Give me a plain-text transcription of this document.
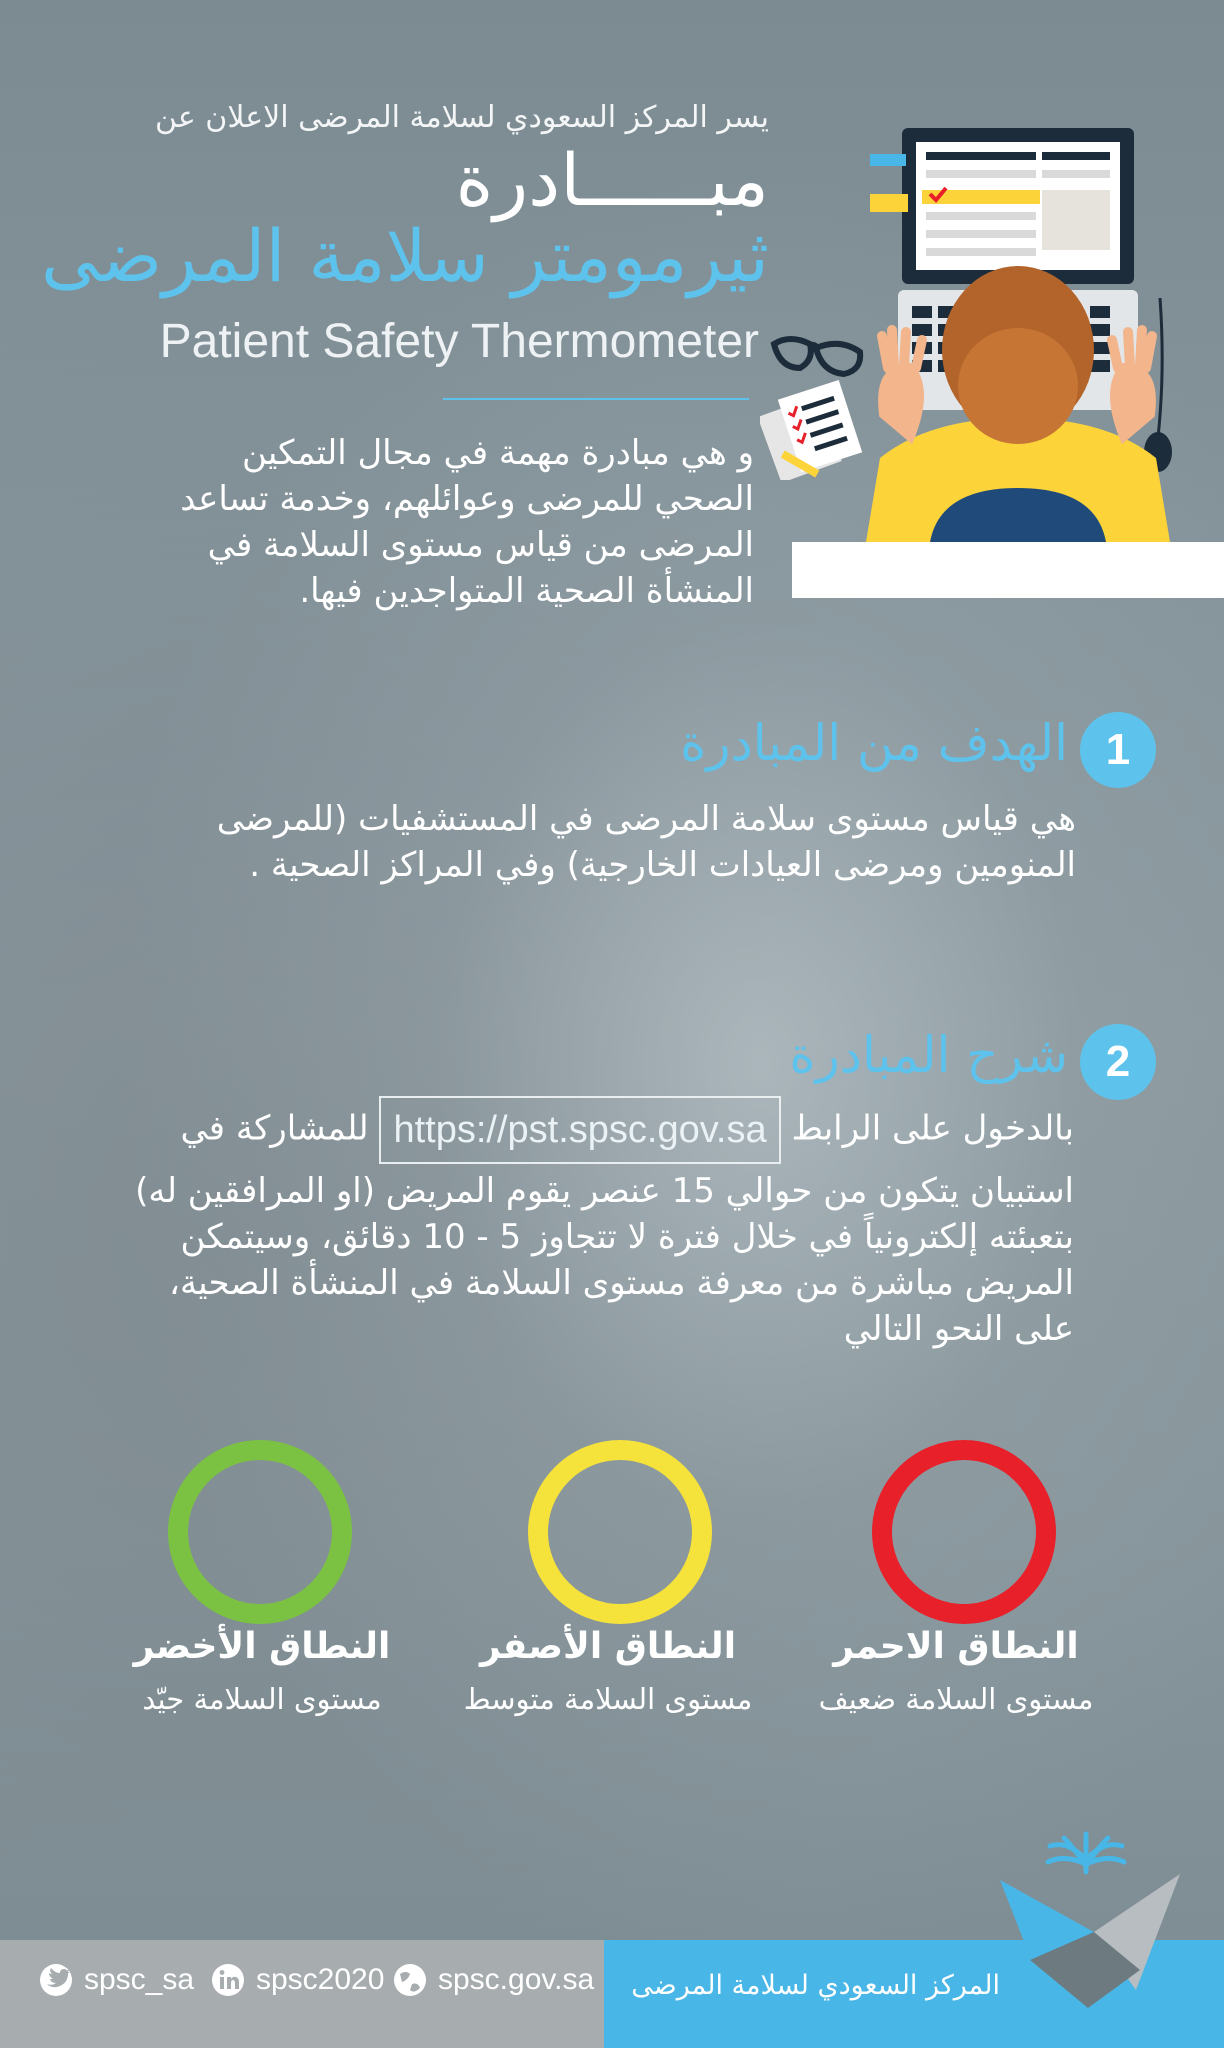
يسر المركز السعودي لسلامة المرضى الاعلان عن
مبــــــادرة
ثيرمومتر سلامة المرضى
Patient Safety Thermometer
و هي مبادرة مهمة في مجال التمكين
الصحي للمرضى وعوائلهم، وخدمة تساعد
المرضى من قياس مستوى السلامة في
المنشأة الصحية المتواجدين فيها.
1
الهدف من المبادرة
هي قياس مستوى سلامة المرضى في المستشفيات (للمرضى
المنومين ومرضى العيادات الخارجية) وفي المراكز الصحية .
2
شرح المبادرة
بالدخول على الرابط https://pst.spsc.gov.sa للمشاركة في
استبيان يتكون من حوالي 15 عنصر يقوم المريض (او المرافقين له)
بتعبئته إلكترونياً في خلال فترة لا تتجاوز 5 - 10 دقائق، وسيتمكن
المريض مباشرة من معرفة مستوى السلامة في المنشأة الصحية،
على النحو التالي
النطاق الاحمر
مستوى السلامة ضعيف
النطاق الأصفر
مستوى السلامة متوسط
النطاق الأخضر
مستوى السلامة جيّد
المركز السعودي لسلامة المرضى
spsc.gov.sa
spsc2020
spsc_sa
